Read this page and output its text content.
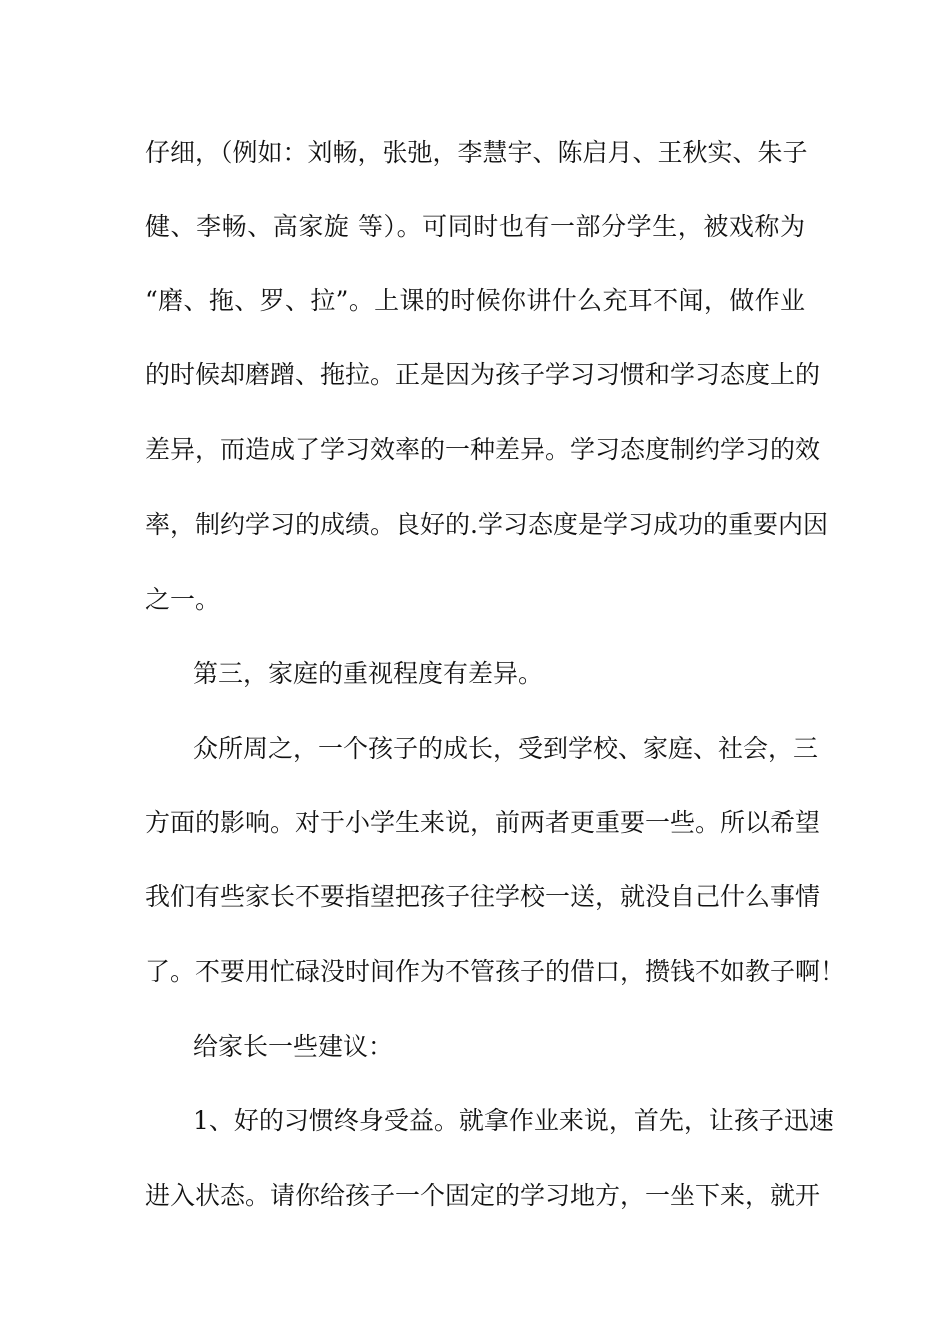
仔细，（例如：刘畅，张弛，李慧宇、陈启月、王秋实、朱子
健、李畅、高家旋 等）。可同时也有一部分学生，被戏称为
“磨、拖、罗、拉”。上课的时候你讲什么充耳不闻，做作业
的时候却磨蹭、拖拉。正是因为孩子学习习惯和学习态度上的
差异，而造成了学习效率的一种差异。学习态度制约学习的效
率，制约学习的成绩。良好的.学习态度是学习成功的重要内因
之一。
第三，家庭的重视程度有差异。
众所周之，一个孩子的成长，受到学校、家庭、社会，三
方面的影响。对于小学生来说，前两者更重要一些。所以希望
我们有些家长不要指望把孩子往学校一送，就没自己什么事情
了。不要用忙碌没时间作为不管孩子的借口，攒钱不如教子啊！
给家长一些建议：
1、好的习惯终身受益。就拿作业来说，首先，让孩子迅速
进入状态。请你给孩子一个固定的学习地方，一坐下来，就开
